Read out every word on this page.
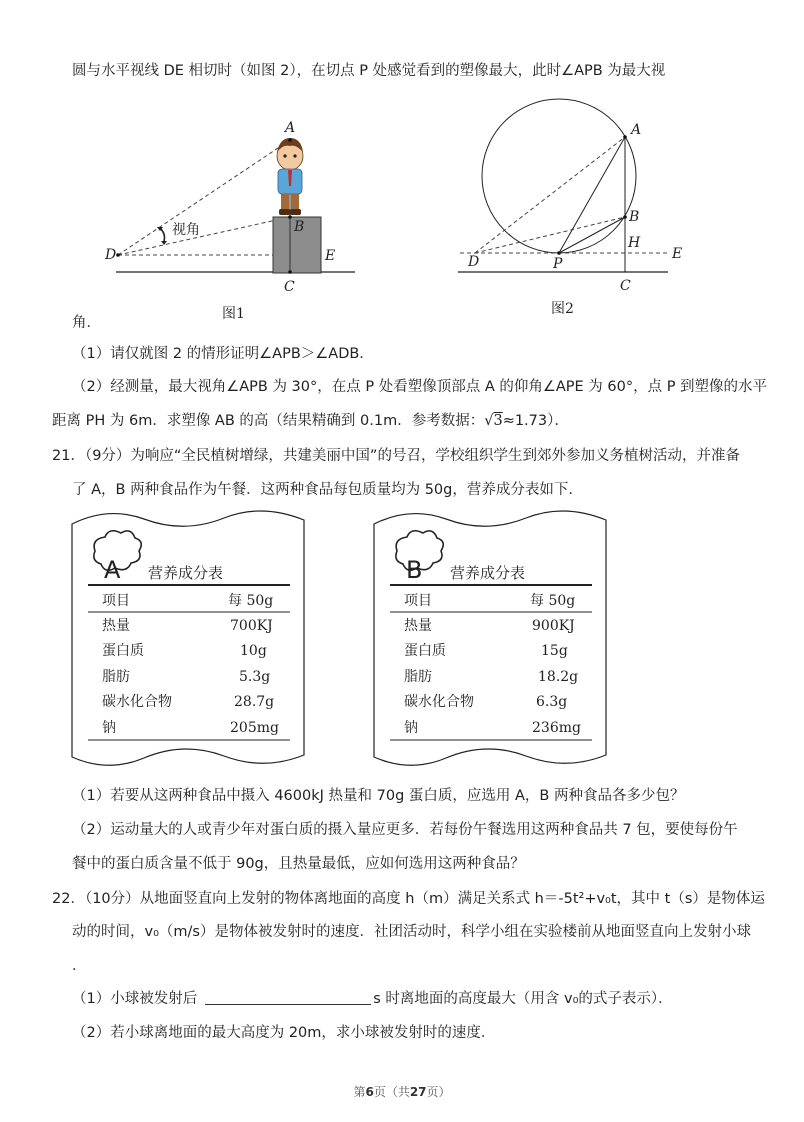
圆与水平视线 DE 相切时（如图 2），在切点 P 处感觉看到的塑像最大，此时∠APB 为最大视
视角
A
B
C
D	E
图1
A
B
H
C
D	P
E
图2
角．
（1）请仅就图 2 的情形证明∠APB＞∠ADB．
（2）经测量，最大视角∠APB 为 30°，在点 P 处看塑像顶部点 A 的仰角∠APE 为 60°，点 P 到塑像的水平
距离 PH 为 6m．求塑像 AB 的高（结果精确到 0.1m．参考数据：√3≈1.73）．
21．（9分）为响应“全民植树增绿，共建美丽中国”的号召，学校组织学生到郊外参加义务植树活动，并准备
了 A，B 两种食品作为午餐．这两种食品每包质量均为 50g，营养成分表如下．
A 营养成分表
项目	每 50g
热量	700KJ
蛋白质	10g
脂肪	5.3g
碳水化合物	28.7g
钠	205mg
B 营养成分表
项目	每 50g
热量	900KJ
蛋白质	15g
脂肪	18.2g
碳水化合物	6.3g
钠	236mg
（1）若要从这两种食品中摄入 4600kJ 热量和 70g 蛋白质，应选用 A，B 两种食品各多少包？
（2）运动量大的人或青少年对蛋白质的摄入量应更多．若每份午餐选用这两种食品共 7 包，要使每份午
餐中的蛋白质含量不低于 90g，且热量最低，应如何选用这两种食品？
22．（10分）从地面竖直向上发射的物体离地面的高度 h（m）满足关系式 h＝-5t²+v₀t，其中 t（s）是物体运
动的时间，v₀（m/s）是物体被发射时的速度．社团活动时，科学小组在实验楼前从地面竖直向上发射小球
．
（1）小球被发射后	s 时离地面的高度最大（用含 v₀的式子表示）．
（2）若小球离地面的最大高度为 20m，求小球被发射时的速度．
第6页（共27页）
